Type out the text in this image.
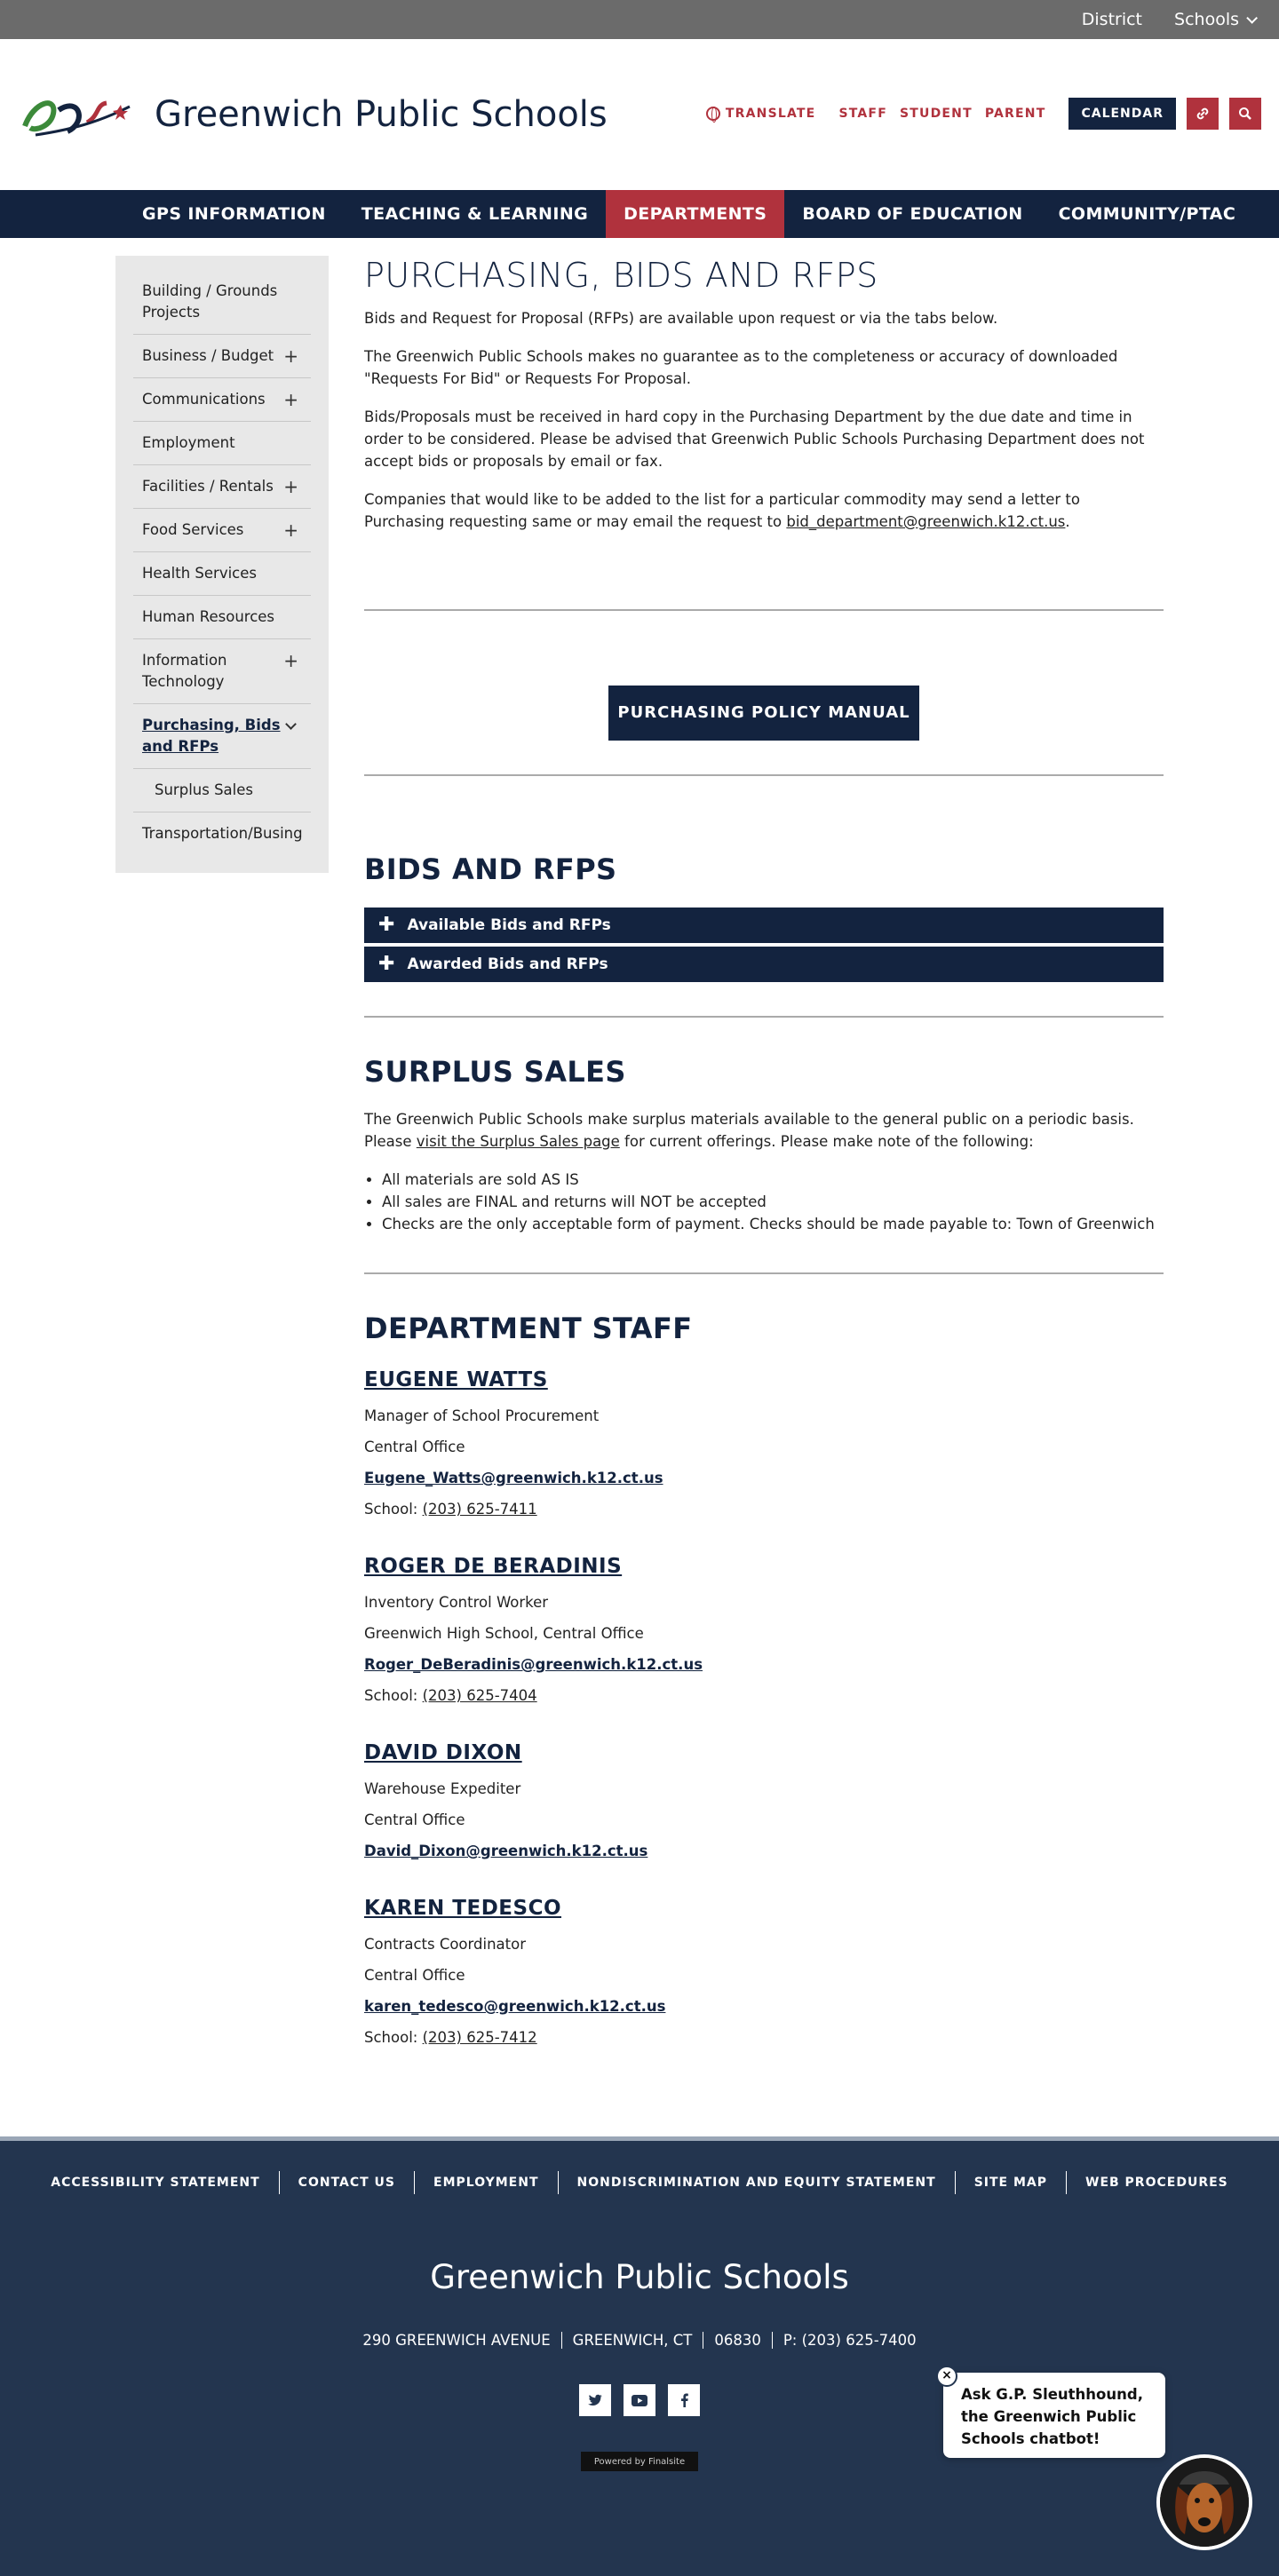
District Schools
Greenwich Public Schools	TRANSLATE STAFF STUDENT PARENT	CALENDAR
GPS INFORMATION	TEACHING & LEARNING	DEPARTMENTS	BOARD OF EDUCATION	COMMUNITY/PTAC
Building / Grounds Projects
Business / Budget +
Communications +
Employment
Facilities / Rentals +
Food Services +
Health Services
Human Resources
Information Technology
+
Purchasing, Bids and RFPs
Surplus Sales
Transportation/Busing
PURCHASING, BIDS AND RFPS

Bids and Request for Proposal (RFPs) are available upon request or via the tabs below.

The Greenwich Public Schools makes no guarantee as to the completeness or accuracy of downloaded "Requests For Bid" or Requests For Proposal.

Bids/Proposals must be received in hard copy in the Purchasing Department by the due date and time in order to be considered. Please be advised that Greenwich Public Schools Purchasing Department does not accept bids or proposals by email or fax.

Companies that would like to be added to the list for a particular commodity may send a letter to Purchasing requesting same or may email the request to bid_department@greenwich.k12.ct.us.

PURCHASING POLICY MANUAL
BIDS AND RFPS
✚ Available Bids and RFPs
✚ Awarded Bids and RFPs
SURPLUS SALES

The Greenwich Public Schools make surplus materials available to the general public on a periodic basis. Please visit the Surplus Sales page for current offerings. Please make note of the following:

• All materials are sold AS IS
• All sales are FINAL and returns will NOT be accepted
• Checks are the only acceptable form of payment. Checks should be made payable to: Town of Greenwich
DEPARTMENT STAFF
EUGENE WATTS
Manager of School Procurement
Central Office
Eugene_Watts@greenwich.k12.ct.us
School: (203) 625-7411
ROGER DE BERADINIS
Inventory Control Worker
Greenwich High School, Central Office
Roger_DeBeradinis@greenwich.k12.ct.us
School: (203) 625-7404
DAVID DIXON
Warehouse Expediter
Central Office
David_Dixon@greenwich.k12.ct.us
KAREN TEDESCO
Contracts Coordinator
Central Office
karen_tedesco@greenwich.k12.ct.us
School: (203) 625-7412
ACCESSIBILITY STATEMENT	CONTACT US	EMPLOYMENT	NONDISCRIMINATION AND EQUITY STATEMENT	SITE MAP	WEB PROCEDURES
Greenwich Public Schools
290 GREENWICH AVENUE	GREENWICH, CT	06830	P: (203) 625-7400
Powered by Finalsite
×
Ask G.P. Sleuthhound, the Greenwich Public Schools chatbot!
